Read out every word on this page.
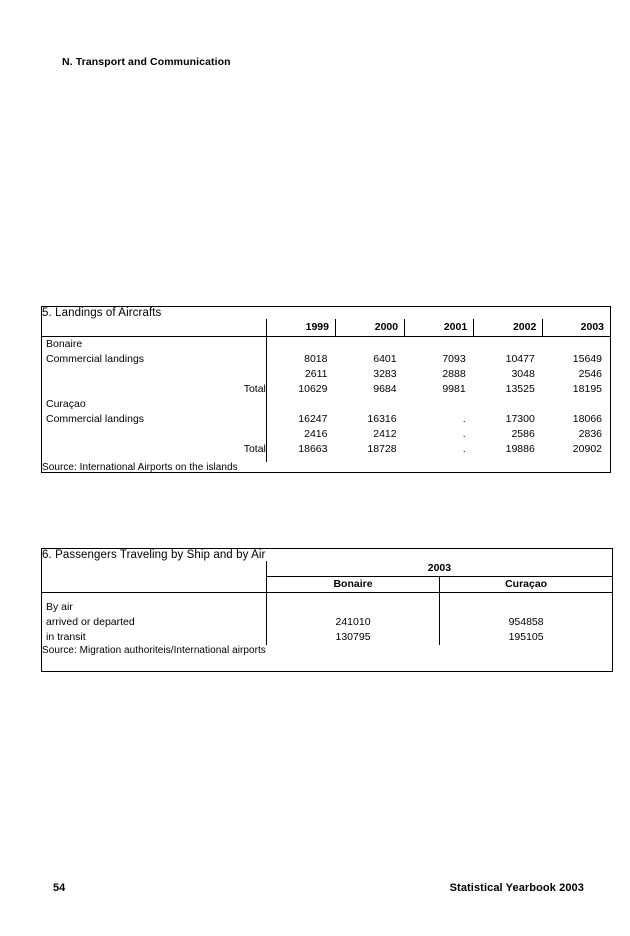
N. Transport and Communication
5. Landings of Aircrafts					
	1999	2000	2001	2002	2003
Bonaire					
Commercial landings	8018	6401	7093	10477	15649
	2611	3283	2888	3048	2546
Total	10629	9684	9981	13525	18195
Curaçao					
Commercial landings	16247	16316	.	17300	18066
	2416	2412	.	2586	2836
Total	18663	18728	.	19886	20902

Source: International Airports on the islands					
6. Passengers Traveling by Ship and by Air		
	2003	
	Bonaire	Curaçao

By air		
arrived or departed	241010	954858
in transit	130795	195105
Source: Migration authoriteis/International airports		
54	Statistical Yearbook 2003
